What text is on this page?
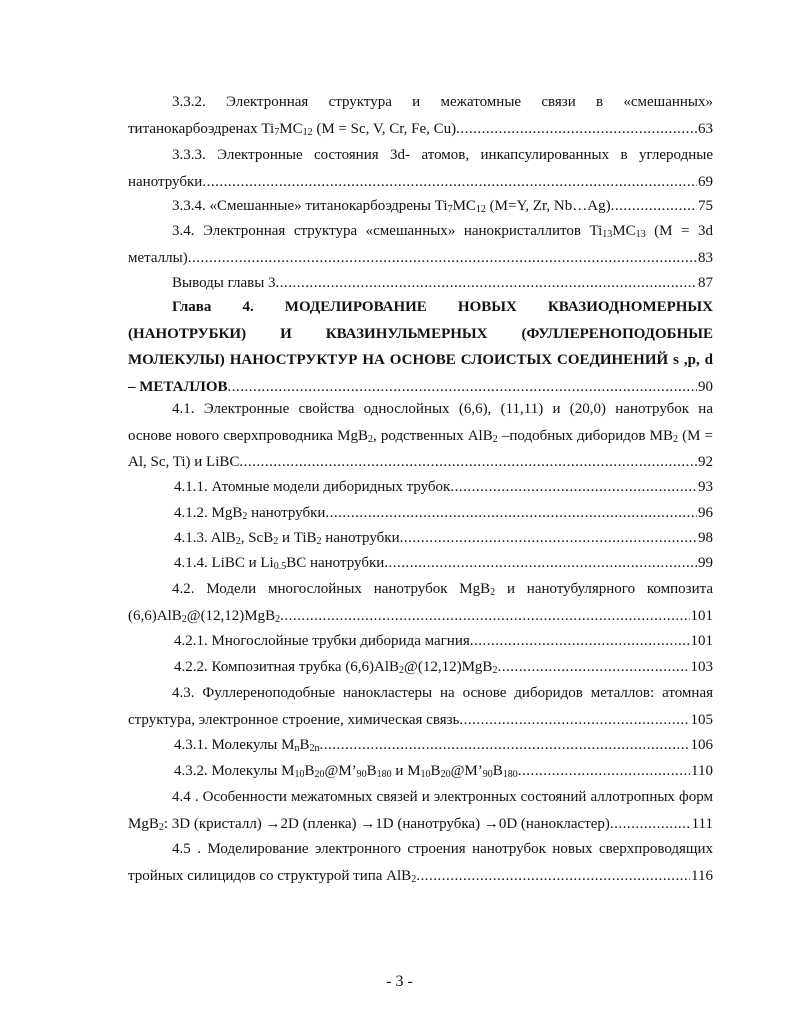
3.3.2. Электронная структура и межатомные связи в «смешанных»
титанокарбоэдренах $Ti_7MC_{12}$ (M = Sc, V, Cr, Fe, Cu) .....	63
3.3.3. Электронные состояния 3d- атомов, инкапсулированных в углеродные
нанотрубки .....	69
3.3.4. «Смешанные» титанокарбоэдрены $Ti_7MC_{12}$ (M=Y, Zr, Nb…Ag) .....	75
3.4. Электронная структура «смешанных» нанокристаллитов $Ti_{13}MC_{13}$ (M = 3d
металлы) .....	83
Выводы главы 3 .....	87
Глава 4. МОДЕЛИРОВАНИЕ НОВЫХ КВАЗИОДНОМЕРНЫХ
(НАНОТРУБКИ) И КВАЗИНУЛЬМЕРНЫХ (ФУЛЛЕРЕНОПОДОБНЫЕ
МОЛЕКУЛЫ) НАНОСТРУКТУР НА ОСНОВЕ СЛОИСТЫХ СОЕДИНЕНИЙ s ,p, d
– МЕТАЛЛОВ .....	90
4.1. Электронные свойства однослойных (6,6), (11,11) и (20,0) нанотрубок на
основе нового сверхпроводника MgB$_2$, родственных AlB$_2$ –подобных диборидов $MB_2$ (M =
Al, Sc, Ti) и LiBC .....	92
4.1.1. Атомные модели диборидных трубок .....	93
4.1.2. MgB$_2$ нанотрубки .....	96
4.1.3. AlB$_2$, ScB$_2$ и TiB$_2$ нанотрубки .....	98
4.1.4. LiBC и $Li_{0.5}BC$ нанотрубки .....	99
4.2. Модели многослойных нанотрубок MgB$_2$ и нанотубулярного композита
(6,6)AlB$_2$@(12,12)MgB$_2$ .....	101
4.2.1. Многослойные трубки диборида магния .....	101
4.2.2. Композитная трубка (6,6)AlB$_2$@(12,12)MgB$_2$ .....	103
4.3. Фуллереноподобные нанокластеры на основе диборидов металлов: атомная
структура, электронное строение, химическая связь .....	105
4.3.1. Молекулы $M_nB_{2n}$ .....	106
4.3.2. Молекулы $M_{10}B_{20}@M’_{90}B_{180}$ и $M_{10}B_{20}@M’_{90}B_{180}$ .....	110
4.4 . Особенности межатомных связей и электронных состояний аллотропных форм
MgB$_2$: 3D (кристалл) →2D (пленка) →1D (нанотрубка) →0D (нанокластер) .....	111
4.5 . Моделирование электронного строения нанотрубок новых сверхпроводящих
тройных силицидов со структурой типа AlB$_2$ .....	116
- 3 -
